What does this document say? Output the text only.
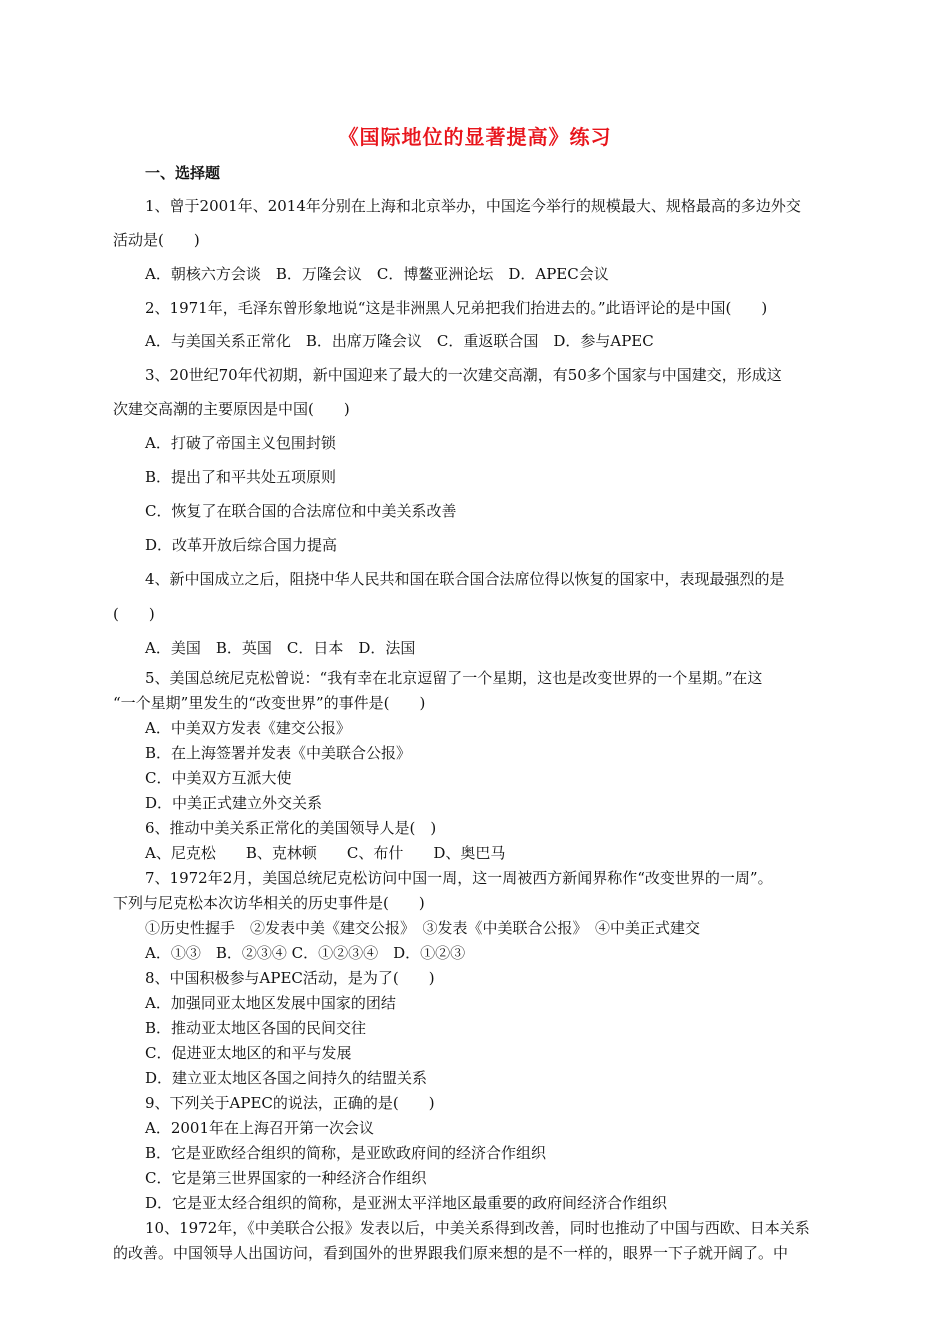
《国际地位的显著提高》练习
一、选择题
1、曾于2001年、2014年分别在上海和北京举办，中国迄今举行的规模最大、规格最高的多边外交
活动是(　　)
A．朝核六方会谈　B．万隆会议　C．博鳌亚洲论坛　D．APEC会议
2、1971年，毛泽东曾形象地说“这是非洲黑人兄弟把我们抬进去的。”此语评论的是中国(　　)
A．与美国关系正常化　B．出席万隆会议　C．重返联合国　D．参与APEC
3、20世纪70年代初期，新中国迎来了最大的一次建交高潮，有50多个国家与中国建交，形成这
次建交高潮的主要原因是中国(　　)
A．打破了帝国主义包围封锁
B．提出了和平共处五项原则
C．恢复了在联合国的合法席位和中美关系改善
D．改革开放后综合国力提高
4、新中国成立之后，阻挠中华人民共和国在联合国合法席位得以恢复的国家中，表现最强烈的是
(　　)
A．美国　B．英国　C．日本　D．法国
5、美国总统尼克松曾说：“我有幸在北京逗留了一个星期，这也是改变世界的一个星期。”在这
“一个星期”里发生的“改变世界”的事件是(　　)
A．中美双方发表《建交公报》
B．在上海签署并发表《中美联合公报》
C．中美双方互派大使
D．中美正式建立外交关系
6、推动中美关系正常化的美国领导人是(　)
A、尼克松　　B、克林顿　　C、布什　　D、奥巴马
7、1972年2月，美国总统尼克松访问中国一周，这一周被西方新闻界称作“改变世界的一周”。
下列与尼克松本次访华相关的历史事件是(　　)
①历史性握手　②发表中美《建交公报》　③发表《中美联合公报》　④中美正式建交
A．①③　B．②③④ C．①②③④　D．①②③
8、中国积极参与APEC活动，是为了(　　)
A．加强同亚太地区发展中国家的团结
B．推动亚太地区各国的民间交往
C．促进亚太地区的和平与发展
D．建立亚太地区各国之间持久的结盟关系
9、下列关于APEC的说法，正确的是(　　)
A．2001年在上海召开第一次会议
B．它是亚欧经合组织的简称，是亚欧政府间的经济合作组织
C．它是第三世界国家的一种经济合作组织
D．它是亚太经合组织的简称，是亚洲太平洋地区最重要的政府间经济合作组织
10、1972年，《中美联合公报》发表以后，中美关系得到改善，同时也推动了中国与西欧、日本关系
的改善。中国领导人出国访问，看到国外的世界跟我们原来想的是不一样的，眼界一下子就开阔了。中
